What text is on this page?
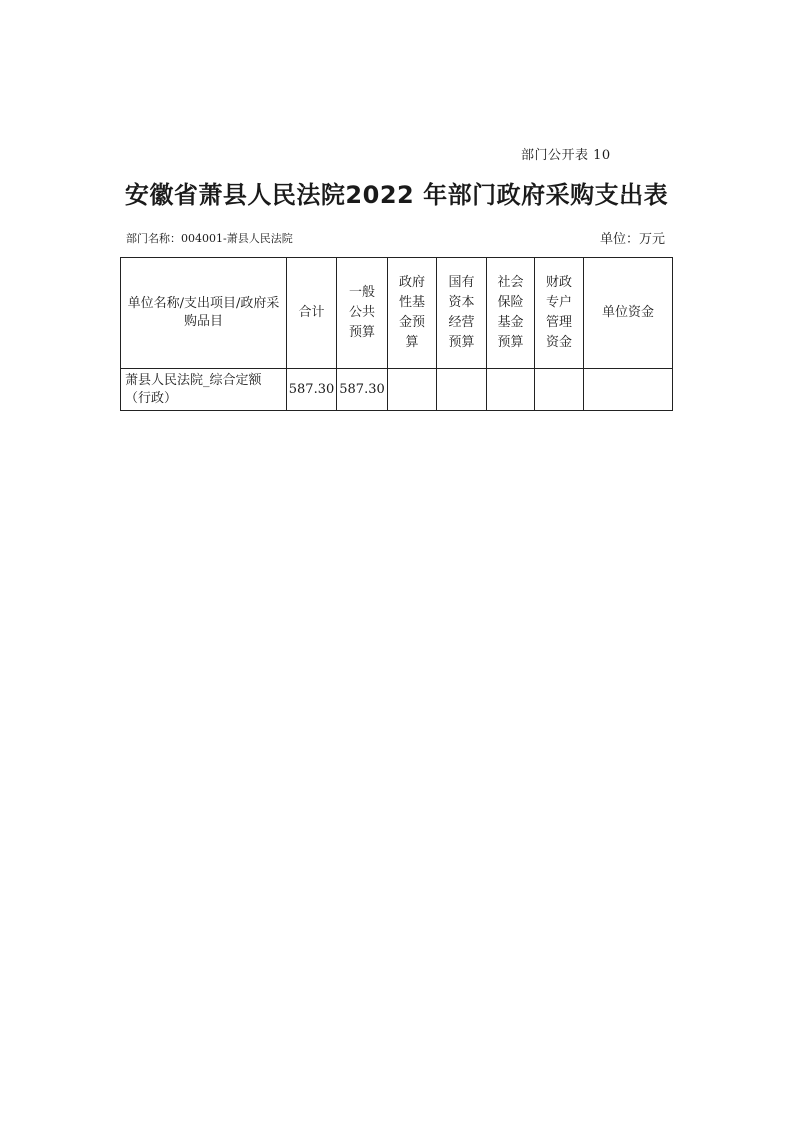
部门公开表 10
安徽省萧县人民法院2022 年部门政府采购支出表
部门名称：004001-萧县人民法院	单位：万元
单位名称/支出项目/政府采购品目	合计	一般公共预算	政府性基金预算	国有资本经营预算	社会保险基金预算	财政专户管理资金	单位资金
萧县人民法院_综合定额（行政）	587.30	587.30					
